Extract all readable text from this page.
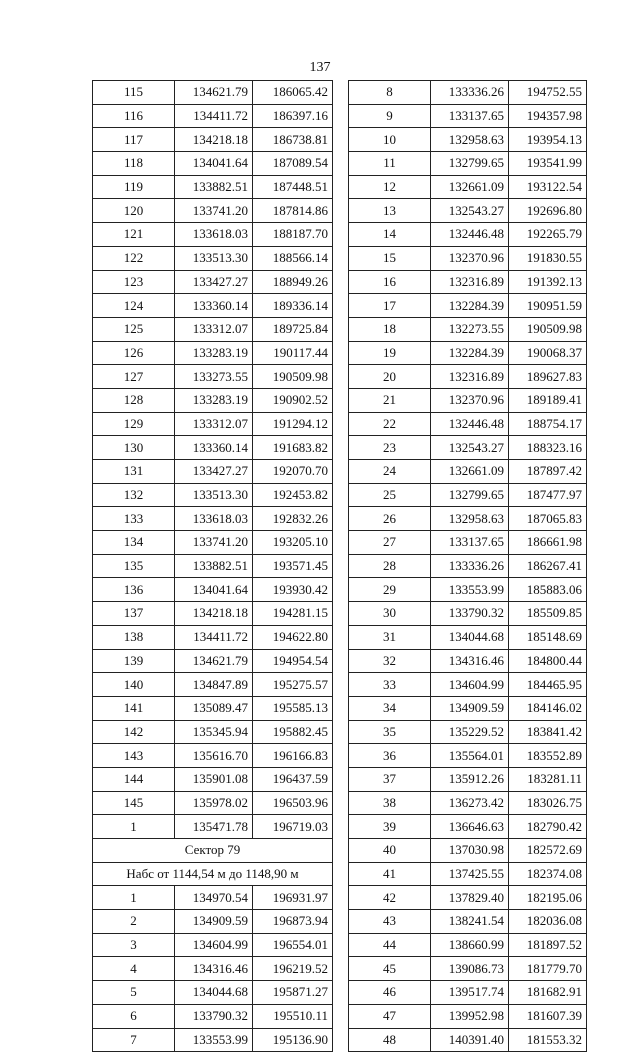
137
115	134621.79	186065.42
116	134411.72	186397.16
117	134218.18	186738.81
118	134041.64	187089.54
119	133882.51	187448.51
120	133741.20	187814.86
121	133618.03	188187.70
122	133513.30	188566.14
123	133427.27	188949.26
124	133360.14	189336.14
125	133312.07	189725.84
126	133283.19	190117.44
127	133273.55	190509.98
128	133283.19	190902.52
129	133312.07	191294.12
130	133360.14	191683.82
131	133427.27	192070.70
132	133513.30	192453.82
133	133618.03	192832.26
134	133741.20	193205.10
135	133882.51	193571.45
136	134041.64	193930.42
137	134218.18	194281.15
138	134411.72	194622.80
139	134621.79	194954.54
140	134847.89	195275.57
141	135089.47	195585.13
142	135345.94	195882.45
143	135616.70	196166.83
144	135901.08	196437.59
145	135978.02	196503.96
1	135471.78	196719.03
Сектор 79		
Набс от 1144,54 м до 1148,90 м		
1	134970.54	196931.97
2	134909.59	196873.94
3	134604.99	196554.01
4	134316.46	196219.52
5	134044.68	195871.27
6	133790.32	195510.11
7	133553.99	195136.90
8	133336.26	194752.55
9	133137.65	194357.98
10	132958.63	193954.13
11	132799.65	193541.99
12	132661.09	193122.54
13	132543.27	192696.80
14	132446.48	192265.79
15	132370.96	191830.55
16	132316.89	191392.13
17	132284.39	190951.59
18	132273.55	190509.98
19	132284.39	190068.37
20	132316.89	189627.83
21	132370.96	189189.41
22	132446.48	188754.17
23	132543.27	188323.16
24	132661.09	187897.42
25	132799.65	187477.97
26	132958.63	187065.83
27	133137.65	186661.98
28	133336.26	186267.41
29	133553.99	185883.06
30	133790.32	185509.85
31	134044.68	185148.69
32	134316.46	184800.44
33	134604.99	184465.95
34	134909.59	184146.02
35	135229.52	183841.42
36	135564.01	183552.89
37	135912.26	183281.11
38	136273.42	183026.75
39	136646.63	182790.42
40	137030.98	182572.69
41	137425.55	182374.08
42	137829.40	182195.06
43	138241.54	182036.08
44	138660.99	181897.52
45	139086.73	181779.70
46	139517.74	181682.91
47	139952.98	181607.39
48	140391.40	181553.32
